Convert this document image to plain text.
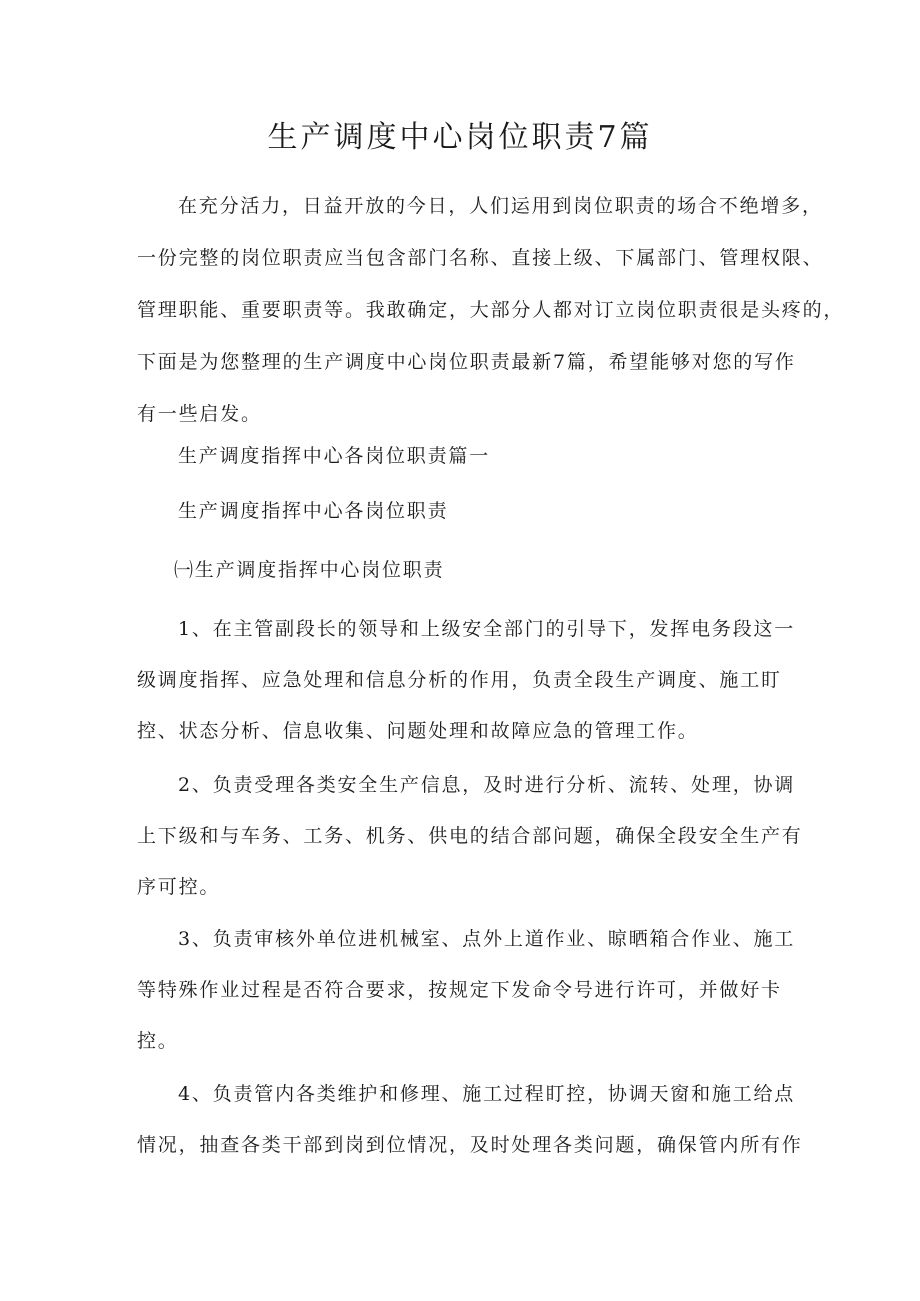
生产调度中心岗位职责7篇

在充分活力，日益开放的今日，人们运用到岗位职责的场合不绝增多，
一份完整的岗位职责应当包含部门名称、直接上级、下属部门、管理权限、
管理职能、重要职责等。我敢确定，大部分人都对订立岗位职责很是头疼的，
下面是为您整理的生产调度中心岗位职责最新7篇，希望能够对您的写作
有一些启发。

生产调度指挥中心各岗位职责篇一

生产调度指挥中心各岗位职责

㈠生产调度指挥中心岗位职责

1、在主管副段长的领导和上级安全部门的引导下，发挥电务段这一
级调度指挥、应急处理和信息分析的作用，负责全段生产调度、施工盯
控、状态分析、信息收集、问题处理和故障应急的管理工作。

2、负责受理各类安全生产信息，及时进行分析、流转、处理，协调
上下级和与车务、工务、机务、供电的结合部问题，确保全段安全生产有
序可控。

3、负责审核外单位进机械室、点外上道作业、晾晒箱合作业、施工
等特殊作业过程是否符合要求，按规定下发命令号进行许可，并做好卡
控。

4、负责管内各类维护和修理、施工过程盯控，协调天窗和施工给点
情况，抽查各类干部到岗到位情况，及时处理各类问题，确保管内所有作
